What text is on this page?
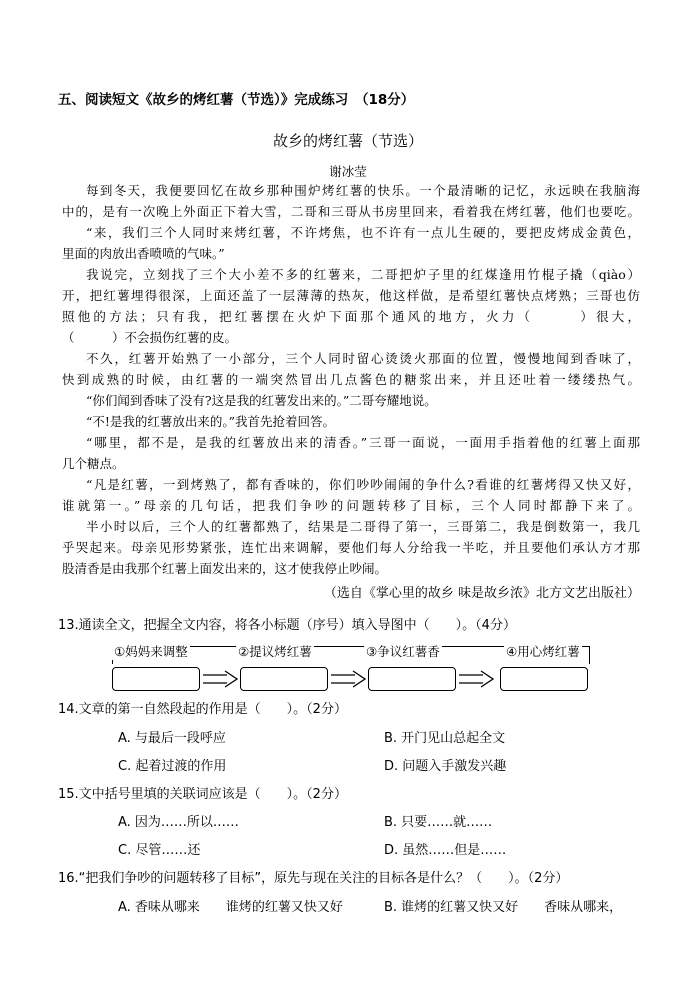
五、阅读短文《故乡的烤红薯（节选）》完成练习　（18分）
故乡的烤红薯（节选）
谢冰莹
每到冬天，我便要回忆在故乡那种围炉烤红薯的快乐。一个最清晰的记忆，永远映在我脑海
中的，是有一次晚上外面正下着大雪，二哥和三哥从书房里回来，看着我在烤红薯，他们也要吃。
“来，我们三个人同时来烤红薯，不许烤焦，也不许有一点儿生硬的，要把皮烤成金黄色，
里面的肉放出香喷喷的气味。”
我说完，立刻找了三个大小差不多的红薯来，二哥把炉子里的红煤逢用竹棍子撬（qiào）
开，把红薯埋得很深，上面还盖了一层薄薄的热灰，他这样做，是希望红薯快点烤熟；三哥也仿
照他的方法；只有我，把红薯摆在火炉下面那个通风的地方，火力（　　　）很大，
（　　　）不会损伤红薯的皮。
不久，红薯开始熟了一小部分，三个人同时留心烫烫火那面的位置，慢慢地闻到香味了，
快到成熟的时候，由红薯的一端突然冒出几点酱色的糖浆出来，并且还吐着一缕缕热气。
“你们闻到香味了没有?这是我的红薯发出来的。”二哥夸耀地说。
“不!是我的红薯放出来的。”我首先抢着回答。
“哪里，都不是，是我的红薯放出来的清香。”三哥一面说，一面用手指着他的红薯上面那
几个糖点。
“凡是红薯，一到烤熟了，都有香味的，你们吵吵闹闹的争什么?看谁的红薯烤得又快又好，
谁就第一。”母亲的几句话，把我们争吵的问题转移了目标，三个人同时都静下来了。
半小时以后，三个人的红薯都熟了，结果是二哥得了第一，三哥第二，我是倒数第一，我几
乎哭起来。母亲见形势紧张，连忙出来调解，要他们每人分给我一半吃，并且要他们承认方才那
股清香是由我那个红薯上面发出来的，这才使我停止吵闹。
（选自《掌心里的故乡 味是故乡浓》北方文艺出版社）
13.通读全文，把握全文内容，将各小标题（序号）填入导图中（　　）。（4分）
①妈妈来调整	②提议烤红薯	③争议红薯香	④用心烤红薯
14.文章的第一自然段起的作用是（　　）。（2分）
A. 与最后一段呼应	B. 开门见山总起全文
C. 起着过渡的作用	D. 问题入手激发兴趣
15.文中括号里填的关联词应该是（　　）。（2分）
A. 因为……所以……	B. 只要……就……
C. 尽管……还	D. 虽然……但是……
16.“把我们争吵的问题转移了目标”，原先与现在关注的目标各是什么？（　　）。（2分）
A. 香味从哪来　　谁烤的红薯又快又好	B. 谁烤的红薯又快又好　　香味从哪来，
